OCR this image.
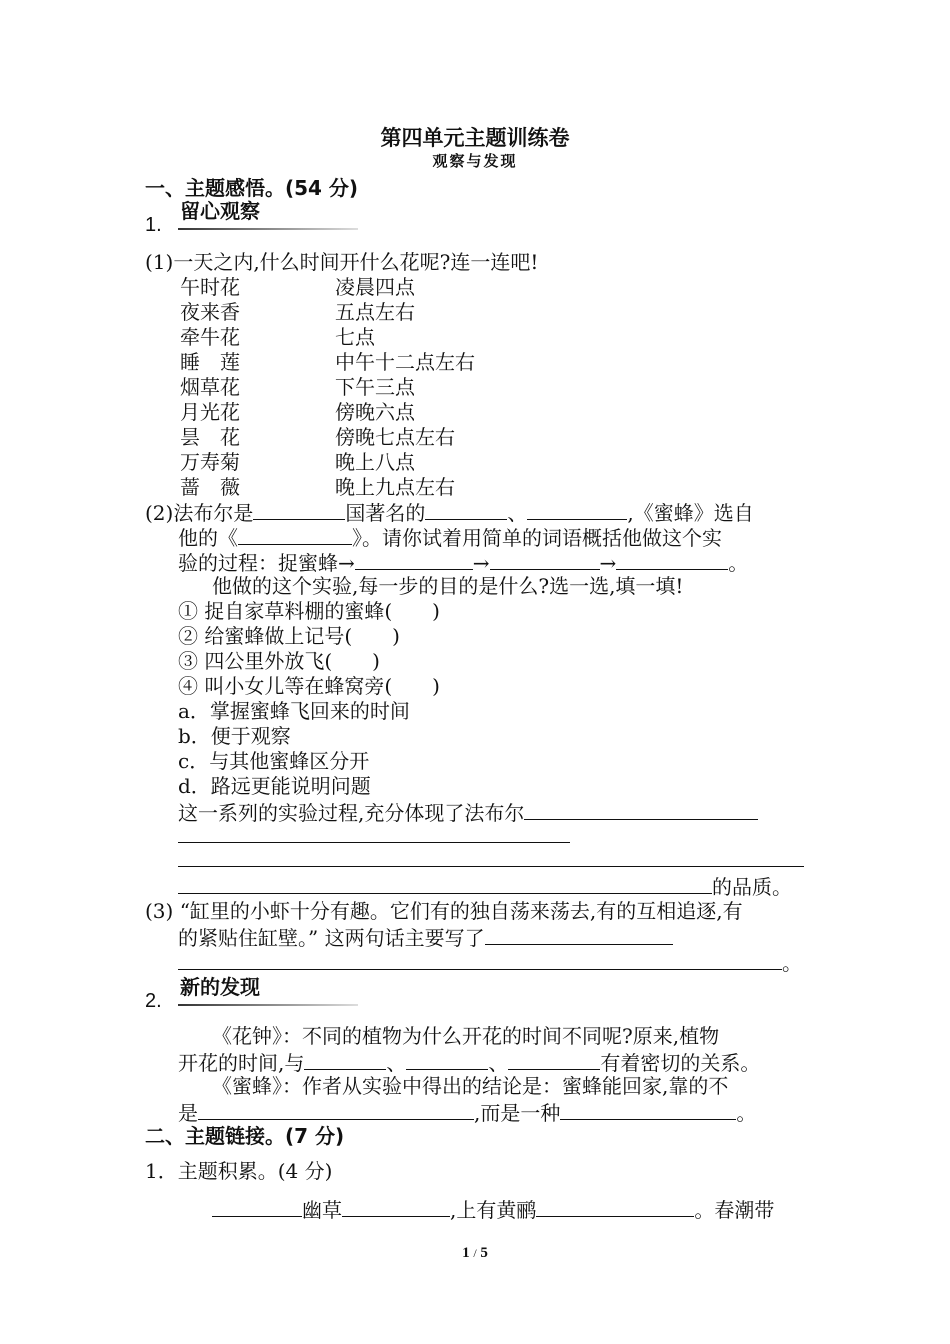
第四单元主题训练卷
观察与发现
一、主题感悟。(54 分)
1.
留心观察
(1)一天之内,什么时间开什么花呢?连一连吧!
午时花	凌晨四点
夜来香	五点左右
牵牛花	七点
睡　莲	中午十二点左右
烟草花	下午三点
月光花	傍晚六点
昙　花	傍晚七点左右
万寿菊	晚上八点
蔷　薇	晚上九点左右
(2)法布尔是	国著名的	、	,《蜜蜂》选自
他的《	》。请你试着用简单的词语概括他做这个实
验的过程：捉蜜蜂→	→	→	。
他做的这个实验,每一步的目的是什么?选一选,填一填!
① 捉自家草料棚的蜜蜂( )
② 给蜜蜂做上记号( )
③ 四公里外放飞( )
④ 叫小女儿等在蜂窝旁( )
a．掌握蜜蜂飞回来的时间
b．便于观察
c．与其他蜜蜂区分开
d．路远更能说明问题
这一系列的实验过程,充分体现了法布尔
的品质。
(3) “缸里的小虾十分有趣。它们有的独自荡来荡去,有的互相追逐,有
的紧贴住缸壁。” 这两句话主要写了
。
2.
新的发现
《花钟》：不同的植物为什么开花的时间不同呢?原来,植物
开花的时间,与	、	、	有着密切的关系。
《蜜蜂》：作者从实验中得出的结论是：蜜蜂能回家,靠的不
是	,而是一种	。
二、主题链接。(7 分)
1．主题积累。(4 分)
幽草	,上有黄鹂	。春潮带
1 / 5
